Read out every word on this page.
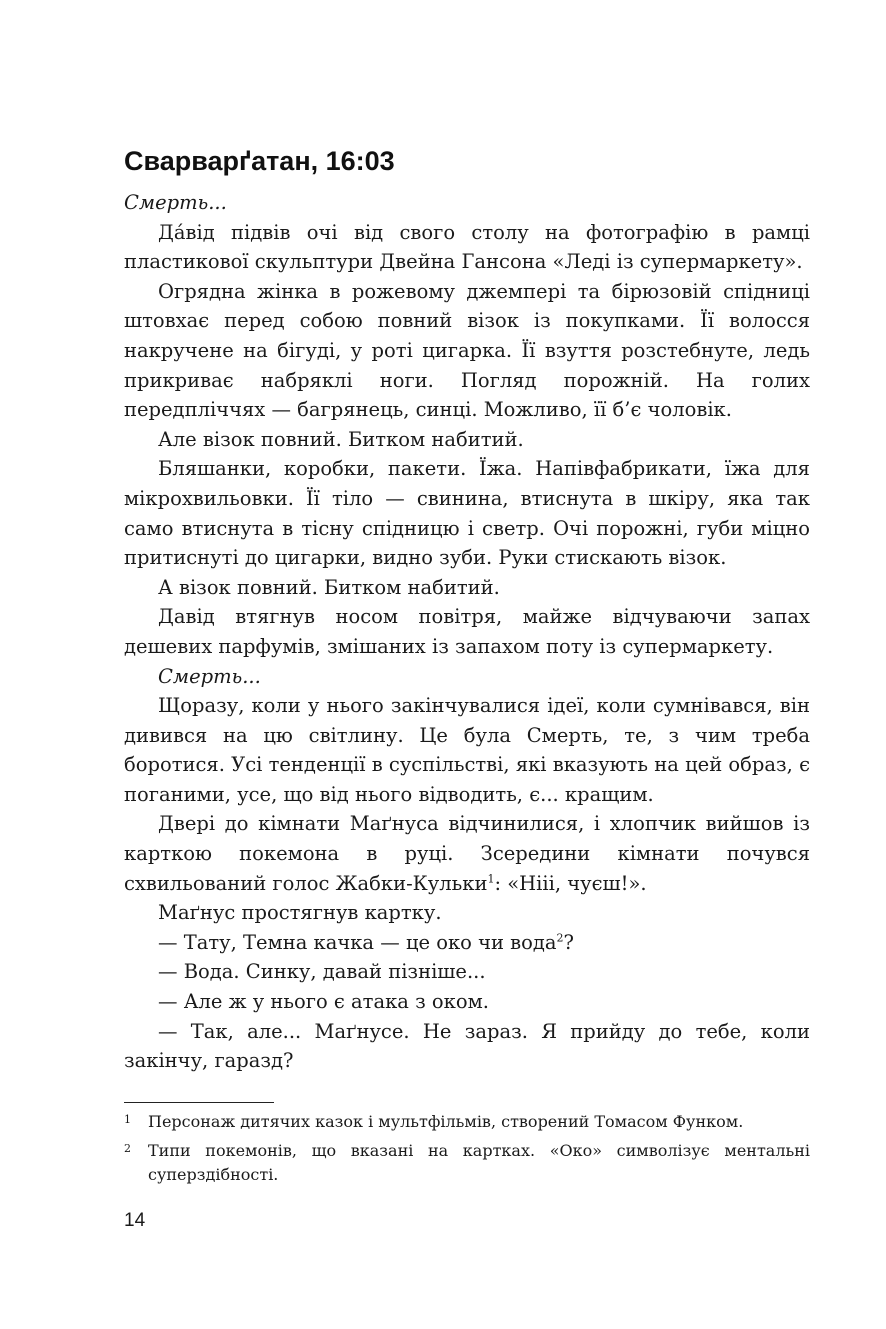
Сварварґатан, 16:03

Смерть...

Да́від підвів очі від свого столу на фотографію в рамці пластикової скульптури Двейна Гансона «Леді із супермаркету».

Огрядна жінка в рожевому джемпері та бірюзовій спідниці штовхає перед собою повний візок із покупками. Її волосся накручене на бігуді, у роті цигарка. Її взуття розстебнуте, ледь прикриває набряклі ноги. Погляд порожній. На голих передпліччях — багрянець, синці. Можливо, її б’є чоловік.

Але візок повний. Битком набитий.

Бляшанки, коробки, пакети. Їжа. Напівфабрикати, їжа для мікрохвильовки. Її тіло — свинина, втиснута в шкіру, яка так само втиснута в тісну спідницю і светр. Очі порожні, губи міцно притиснуті до цигарки, видно зуби. Руки стискають візок.

А візок повний. Битком набитий.

Давід втягнув носом повітря, майже відчуваючи запах дешевих парфумів, змішаних із запахом поту із супермаркету.

Смерть...

Щоразу, коли у нього закінчувалися ідеї, коли сумнівався, він дивився на цю світлину. Це була Смерть, те, з чим треба боротися. Усі тенденції в суспільстві, які вказують на цей образ, є поганими, усе, що від нього відводить, є... кращим.

Двері до кімнати Маґнуса відчинилися, і хлопчик вийшов із карткою покемона в руці. Зсередини кімнати почувся схвильований голос Жабки-Кульки$^1$: «Нііі, чуєш!».

Маґнус простягнув картку.

— Тату, Темна качка — це око чи вода$^2$?

— Вода. Синку, давай пізніше...

— Але ж у нього є атака з оком.

— Так, але... Маґнусе. Не зараз. Я прийду до тебе, коли закінчу, гаразд?

1	Персонаж дитячих казок і мультфільмів, створений Томасом Функом.
2	Типи покемонів, що вказані на картках. «Око» символізує ментальні суперздібності.
14
